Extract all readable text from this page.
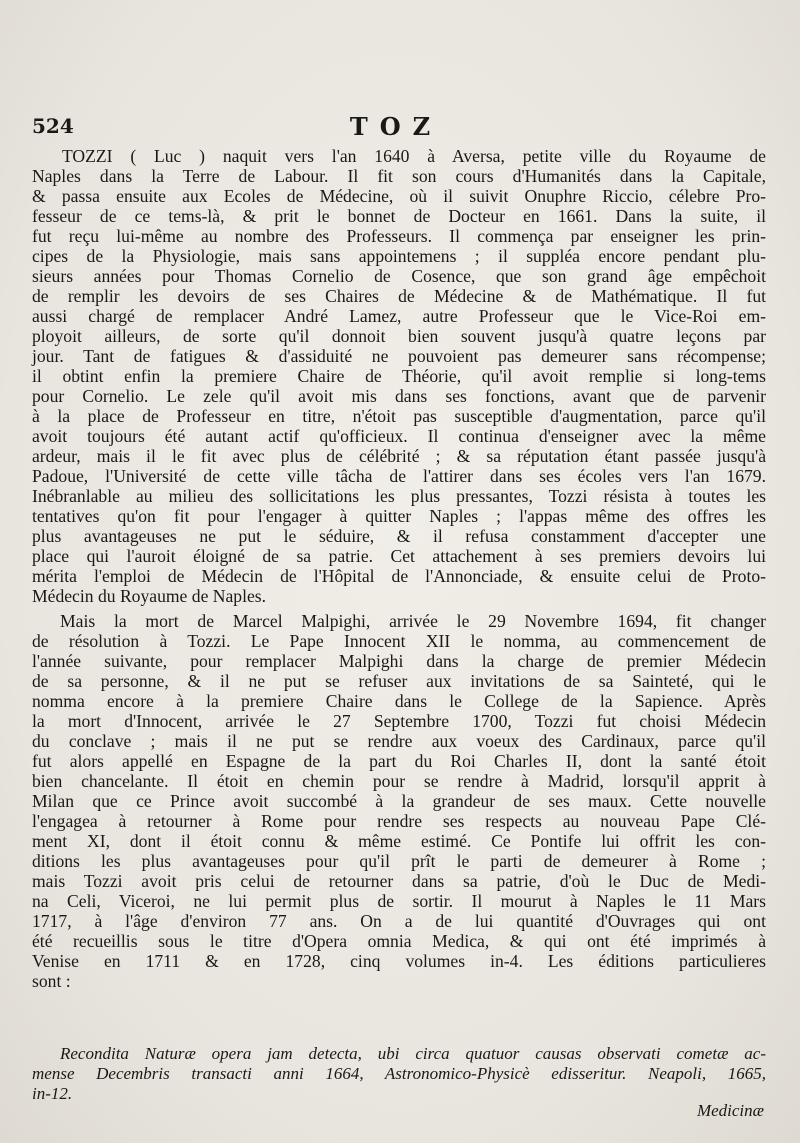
524	TOZ
TOZZI ( Luc ) naquit vers l'an 1640 à Aversa, petite ville du Royaume de
Naples dans la Terre de Labour. Il fit son cours d'Humanités dans la Capitale,
& passa ensuite aux Ecoles de Médecine, où il suivit Onuphre Riccio, célebre Pro-
fesseur de ce tems-là, & prit le bonnet de Docteur en 1661. Dans la suite, il
fut reçu lui-même au nombre des Professeurs. Il commença par enseigner les prin-
cipes de la Physiologie, mais sans appointemens ; il suppléa encore pendant plu-
sieurs années pour Thomas Cornelio de Cosence, que son grand âge empêchoit
de remplir les devoirs de ses Chaires de Médecine & de Mathématique. Il fut
aussi chargé de remplacer André Lamez, autre Professeur que le Vice-Roi em-
ployoit ailleurs, de sorte qu'il donnoit bien souvent jusqu'à quatre leçons par
jour. Tant de fatigues & d'assiduité ne pouvoient pas demeurer sans récompense;
il obtint enfin la premiere Chaire de Théorie, qu'il avoit remplie si long-tems
pour Cornelio. Le zele qu'il avoit mis dans ses fonctions, avant que de parvenir
à la place de Professeur en titre, n'étoit pas susceptible d'augmentation, parce qu'il
avoit toujours été autant actif qu'officieux. Il continua d'enseigner avec la même
ardeur, mais il le fit avec plus de célébrité ; & sa réputation étant passée jusqu'à
Padoue, l'Université de cette ville tâcha de l'attirer dans ses écoles vers l'an 1679.
Inébranlable au milieu des sollicitations les plus pressantes, Tozzi résista à toutes les
tentatives qu'on fit pour l'engager à quitter Naples ; l'appas même des offres les
plus avantageuses ne put le séduire, & il refusa constamment d'accepter une
place qui l'auroit éloigné de sa patrie. Cet attachement à ses premiers devoirs lui
mérita l'emploi de Médecin de l'Hôpital de l'Annonciade, & ensuite celui de Proto-
Médecin du Royaume de Naples.
Mais la mort de Marcel Malpighi, arrivée le 29 Novembre 1694, fit changer
de résolution à Tozzi. Le Pape Innocent XII le nomma, au commencement de
l'année suivante, pour remplacer Malpighi dans la charge de premier Médecin
de sa personne, & il ne put se refuser aux invitations de sa Sainteté, qui le
nomma encore à la premiere Chaire dans le College de la Sapience. Après
la mort d'Innocent, arrivée le 27 Septembre 1700, Tozzi fut choisi Médecin
du conclave ; mais il ne put se rendre aux voeux des Cardinaux, parce qu'il
fut alors appellé en Espagne de la part du Roi Charles II, dont la santé étoit
bien chancelante. Il étoit en chemin pour se rendre à Madrid, lorsqu'il apprit à
Milan que ce Prince avoit succombé à la grandeur de ses maux. Cette nouvelle
l'engagea à retourner à Rome pour rendre ses respects au nouveau Pape Clé-
ment XI, dont il étoit connu & même estimé. Ce Pontife lui offrit les con-
ditions les plus avantageuses pour qu'il prît le parti de demeurer à Rome ;
mais Tozzi avoit pris celui de retourner dans sa patrie, d'où le Duc de Medi-
na Celi, Viceroi, ne lui permit plus de sortir. Il mourut à Naples le 11 Mars
1717, à l'âge d'environ 77 ans. On a de lui quantité d'Ouvrages qui ont
été recueillis sous le titre d'Opera omnia Medica, & qui ont été imprimés à
Venise en 1711 & en 1728, cinq volumes in-4. Les éditions particulieres
sont :
Recondita Naturæ opera jam detecta, ubi circa quatuor causas observati cometæ ac-
mense Decembris transacti anni 1664, Astronomico-Physicè edisseritur. Neapoli, 1665,
in-12.
Medicinæ
